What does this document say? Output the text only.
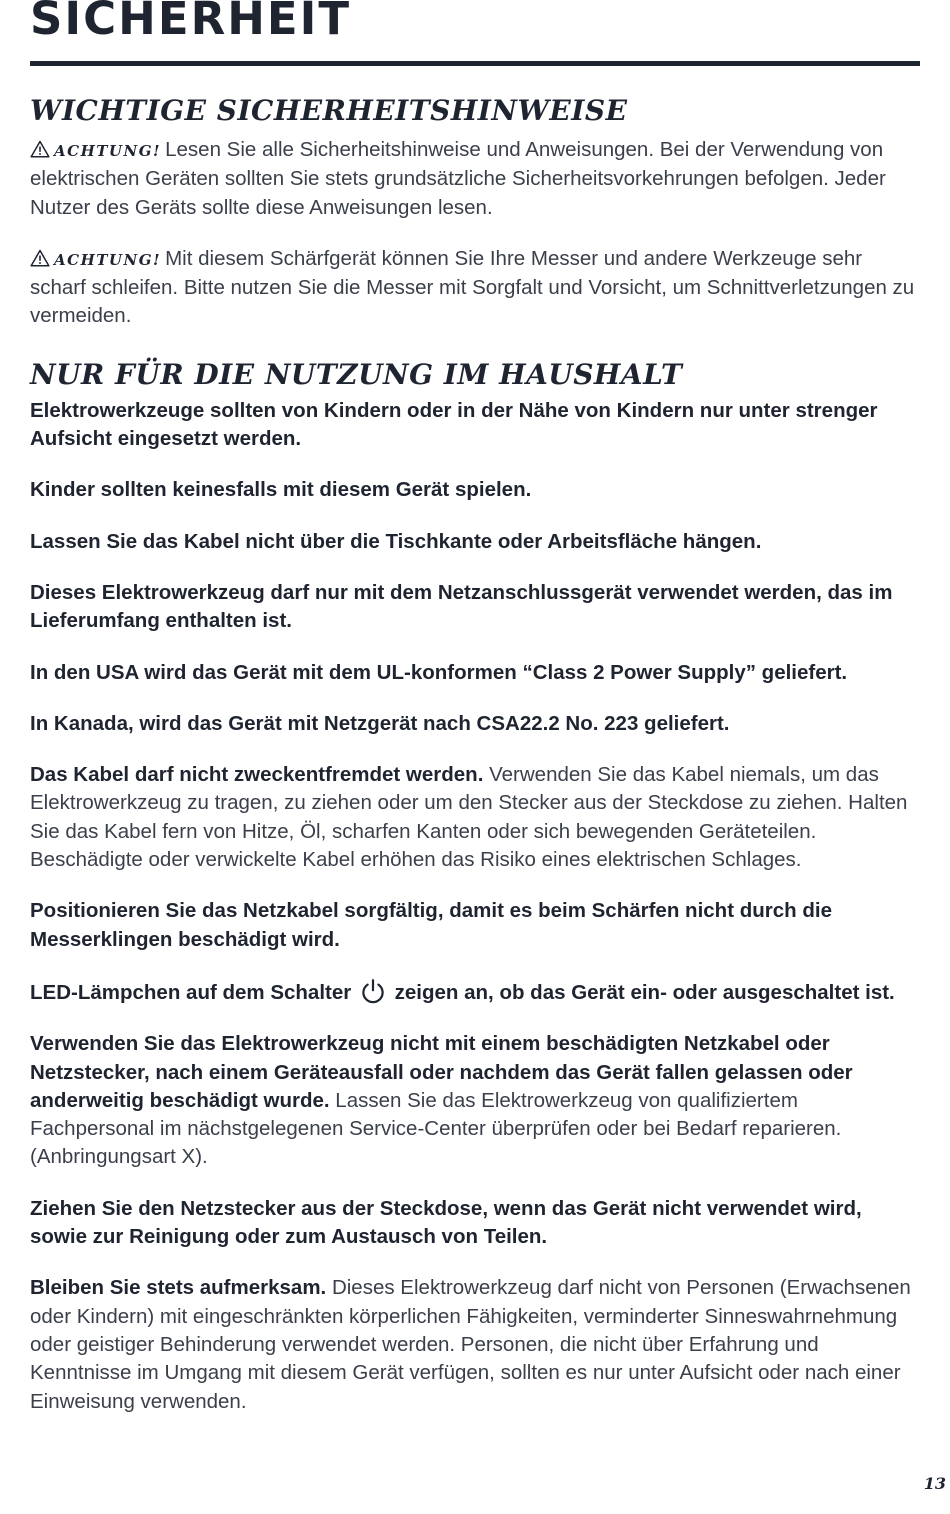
SICHERHEIT
WICHTIGE SICHERHEITSHINWEISE

ACHTUNG! Lesen Sie alle Sicherheitshinweise und Anweisungen. Bei der Verwendung von elektrischen Geräten sollten Sie stets grundsätzliche Sicherheitsvorkehrungen befolgen. Jeder Nutzer des Geräts sollte diese Anweisungen lesen.

ACHTUNG! Mit diesem Schärfgerät können Sie Ihre Messer und andere Werkzeuge sehr scharf schleifen. Bitte nutzen Sie die Messer mit Sorgfalt und Vorsicht, um Schnittverletzungen zu vermeiden.

NUR FÜR DIE NUTZUNG IM HAUSHALT

Elektrowerkzeuge sollten von Kindern oder in der Nähe von Kindern nur unter strenger Aufsicht eingesetzt werden.

Kinder sollten keinesfalls mit diesem Gerät spielen.

Lassen Sie das Kabel nicht über die Tischkante oder Arbeitsfläche hängen.

Dieses Elektrowerkzeug darf nur mit dem Netzanschlussgerät verwendet werden, das im Lieferumfang enthalten ist.

In den USA wird das Gerät mit dem UL-konformen “Class 2 Power Supply” geliefert.

In Kanada, wird das Gerät mit Netzgerät nach CSA22.2 No. 223 geliefert.

Das Kabel darf nicht zweckentfremdet werden. Verwenden Sie das Kabel niemals, um das Elektrowerkzeug zu tragen, zu ziehen oder um den Stecker aus der Steckdose zu ziehen. Halten Sie das Kabel fern von Hitze, Öl, scharfen Kanten oder sich bewegenden Geräteteilen. Beschädigte oder verwickelte Kabel erhöhen das Risiko eines elektrischen Schlages.

Positionieren Sie das Netzkabel sorgfältig, damit es beim Schärfen nicht durch die Messerklingen beschädigt wird.

LED-Lämpchen auf dem Schalter zeigen an, ob das Gerät ein- oder ausgeschaltet ist.

Verwenden Sie das Elektrowerkzeug nicht mit einem beschädigten Netzkabel oder Netzstecker, nach einem Geräteausfall oder nachdem das Gerät fallen gelassen oder anderweitig beschädigt wurde. Lassen Sie das Elektrowerkzeug von qualifiziertem Fachpersonal im nächstgelegenen Service-Center überprüfen oder bei Bedarf reparieren. (Anbringungsart X).

Ziehen Sie den Netzstecker aus der Steckdose, wenn das Gerät nicht verwendet wird, sowie zur Reinigung oder zum Austausch von Teilen.

Bleiben Sie stets aufmerksam. Dieses Elektrowerkzeug darf nicht von Personen (Erwachsenen oder Kindern) mit eingeschränkten körperlichen Fähigkeiten, verminderter Sinneswahrnehmung oder geistiger Behinderung verwendet werden. Personen, die nicht über Erfahrung und Kenntnisse im Umgang mit diesem Gerät verfügen, sollten es nur unter Aufsicht oder nach einer Einweisung verwenden.

13
